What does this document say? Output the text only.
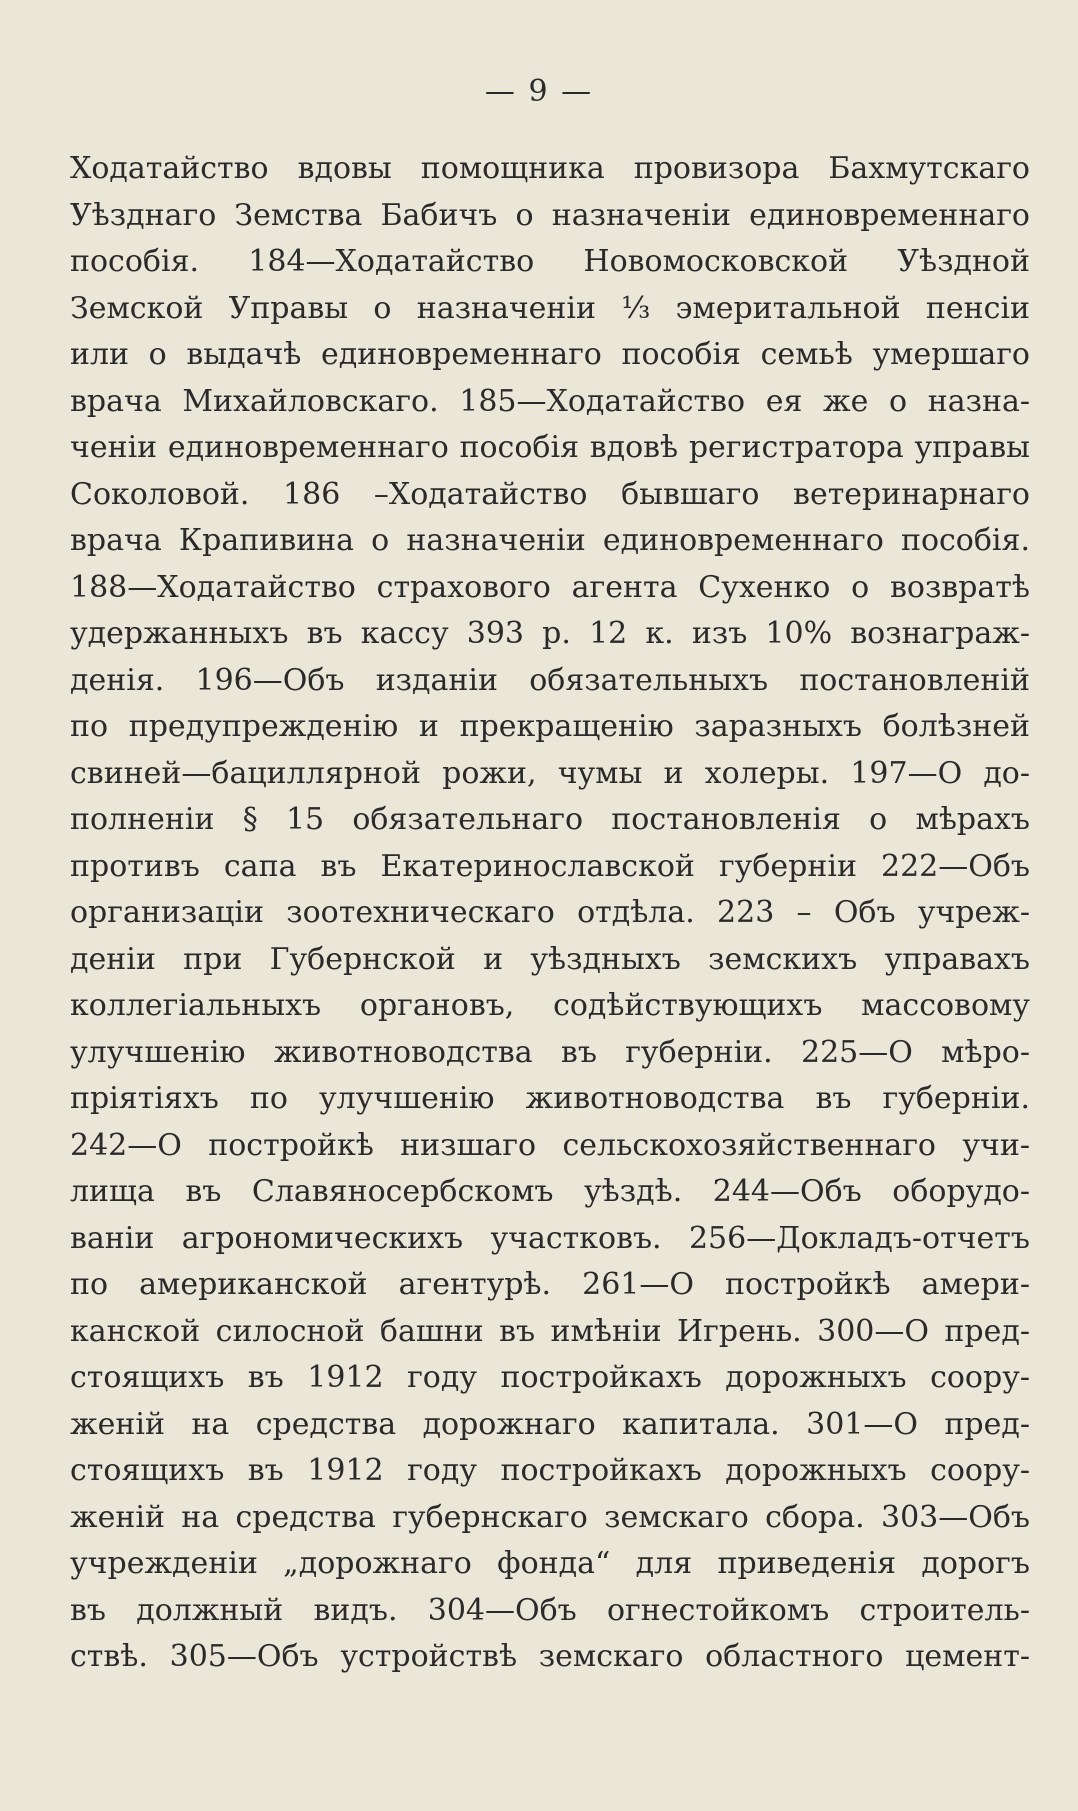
— 9 —
Ходатайство вдовы помощника провизора Бахмутскаго
Уѣзднаго Земства Бабичъ о назначеніи единовременнаго
пособія. 184—Ходатайство Новомосковской Уѣздной
Земской Управы о назначеніи ⅓ эмеритальной пенсіи
или о выдачѣ единовременнаго пособія семьѣ умершаго
врача Михайловскаго. 185—Ходатайство ея же о назна-
ченіи единовременнаго пособія вдовѣ регистратора управы
Соколовой. 186 –Ходатайство бывшаго ветеринарнаго
врача Крапивина о назначеніи единовременнаго пособія.
188—Ходатайство страхового агента Сухенко о возвратѣ
удержанныхъ въ кассу 393 р. 12 к. изъ 10% вознаграж-
денія. 196—Объ изданіи обязательныхъ постановленій
по предупрежденію и прекращенію заразныхъ болѣзней
свиней—бациллярной рожи, чумы и холеры. 197—О до-
полненіи § 15 обязательнаго постановленія о мѣрахъ
противъ сапа въ Екатеринославской губерніи 222—Объ
организаціи зоотехническаго отдѣла. 223 – Объ учреж-
деніи при Губернской и уѣздныхъ земскихъ управахъ
коллегіальныхъ органовъ, содѣйствующихъ массовому
улучшенію животноводства въ губерніи. 225—О мѣро-
пріятіяхъ по улучшенію животноводства въ губерніи.
242—О постройкѣ низшаго сельскохозяйственнаго учи-
лища въ Славяносербскомъ уѣздѣ. 244—Объ оборудо-
ваніи агрономическихъ участковъ. 256—Докладъ-отчетъ
по американской агентурѣ. 261—О постройкѣ амери-
канской силосной башни въ имѣніи Игрень. 300—О пред-
стоящихъ въ 1912 году постройкахъ дорожныхъ соору-
женій на средства дорожнаго капитала. 301—О пред-
стоящихъ въ 1912 году постройкахъ дорожныхъ соору-
женій на средства губернскаго земскаго сбора. 303—Объ
учрежденіи „дорожнаго фонда“ для приведенія дорогъ
въ должный видъ. 304—Объ огнестойкомъ строитель-
ствѣ. 305—Объ устройствѣ земскаго областного цемент-
